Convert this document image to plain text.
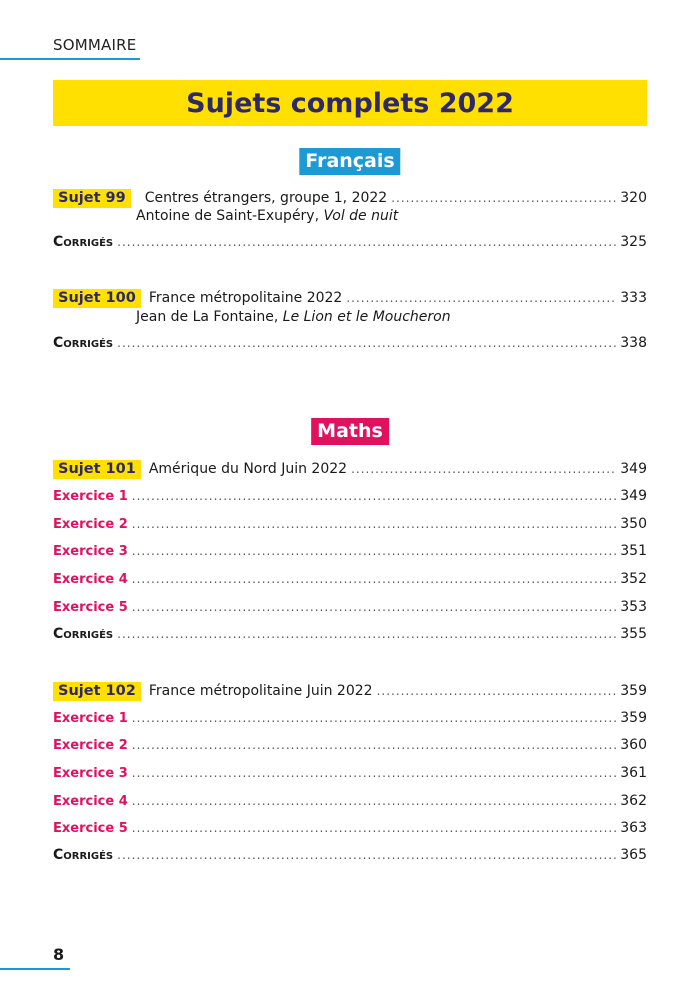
SOMMAIRE
Sujets complets 2022
Français
Sujet 99	Centres étrangers, groupe 1, 2022 .....	320
Antoine de Saint-Exupéry, Vol de nuit
Corrigés .....	325
Sujet 100 France métropolitaine 2022 .....	333
Jean de La Fontaine, Le Lion et le Moucheron
Corrigés .....	338
Maths
Sujet 101 Amérique du Nord Juin 2022 .....	349
Exercice 1 .....	349
Exercice 2 .....	350
Exercice 3 .....	351
Exercice 4 .....	352
Exercice 5 .....	353
Corrigés .....	355
Sujet 102 France métropolitaine Juin 2022 .....	359
Exercice 1 .....	359
Exercice 2 .....	360
Exercice 3 .....	361
Exercice 4 .....	362
Exercice 5 .....	363
Corrigés .....	365
8
